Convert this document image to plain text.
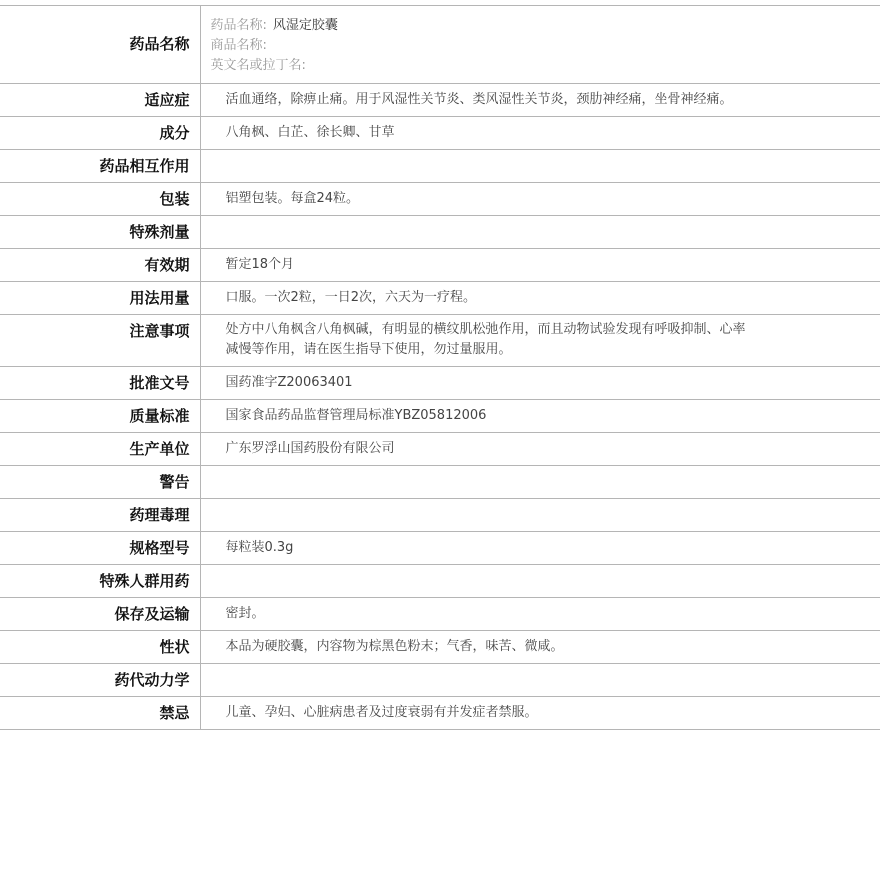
药品名称	药品名称: 风湿定胶囊
商品名称:
英文名或拉丁名:

适应症	活血通络，除痹止痛。用于风湿性关节炎、类风湿性关节炎，颈肋神经痛，坐骨神经痛。
成分	八角枫、白芷、徐长卿、甘草
药品相互作用	
包装	铝塑包装。每盒24粒。
特殊剂量	
有效期	暂定18个月
用法用量	口服。一次2粒，一日2次，六天为一疗程。
注意事项	处方中八角枫含八角枫碱，有明显的横纹肌松弛作用，而且动物试验发现有呼吸抑制、心率
减慢等作用，请在医生指导下使用，勿过量服用。

批准文号	国药准字Z20063401
质量标准	国家食品药品监督管理局标准YBZ05812006
生产单位	广东罗浮山国药股份有限公司
警告	
药理毒理	
规格型号	每粒装0.3g
特殊人群用药	
保存及运输	密封。
性状	本品为硬胶囊，内容物为棕黑色粉末；气香，味苦、微咸。
药代动力学	
禁忌	儿童、孕妇、心脏病患者及过度衰弱有并发症者禁服。
